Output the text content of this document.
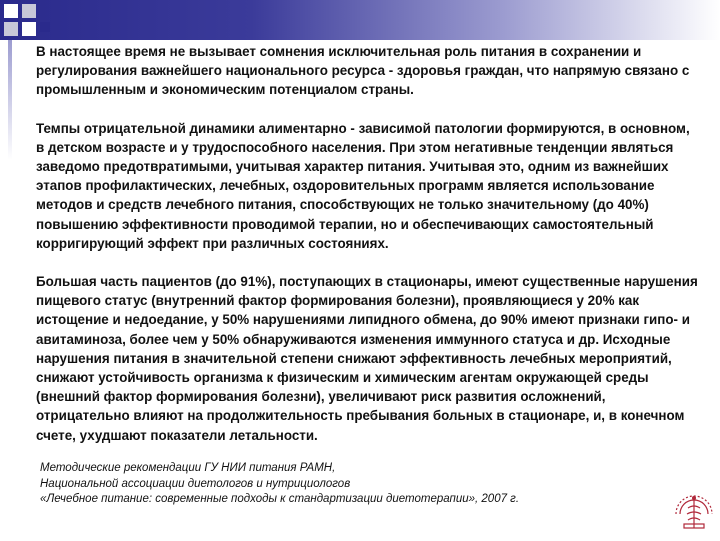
В настоящее время не вызывает сомнения исключительная роль питания в сохранении и регулирования важнейшего национального ресурса - здоровья граждан, что напрямую связано с промышленным и экономическим потенциалом страны.

Темпы отрицательной динамики алиментарно - зависимой патологии формируются, в основном, в детском возрасте и у трудоспособного населения. При этом негативные тенденции являться заведомо предотвратимыми, учитывая характер питания. Учитывая это, одним из важнейших этапов профилактических, лечебных, оздоровительных программ является использование методов и средств лечебного питания, способствующих не только значительному (до 40%) повышению эффективности проводимой терапии, но и обеспечивающих самостоятельный корригирующий эффект при различных состояниях.

Большая часть пациентов (до 91%), поступающих в стационары, имеют существенные нарушения пищевого статус (внутренний фактор формирования болезни), проявляющиеся у 20% как истощение и недоедание, у 50% нарушениями липидного обмена, до 90% имеют признаки гипо- и авитаминоза, более чем у 50% обнаруживаются изменения иммунного статуса и др. Исходные нарушения питания в значительной степени снижают эффективность лечебных мероприятий, снижают устойчивость организма к физическим и химическим агентам окружающей среды (внешний фактор формирования болезни), увеличивают риск развития осложнений, отрицательно влияют на продолжительность пребывания больных в стационаре, и, в конечном счете, ухудшают показатели летальности.

Методические рекомендации ГУ НИИ питания РАМН,
Национальной ассоциации диетологов и нутрициологов
«Лечебное питание: современные подходы к стандартизации диетотерапии», 2007 г.
